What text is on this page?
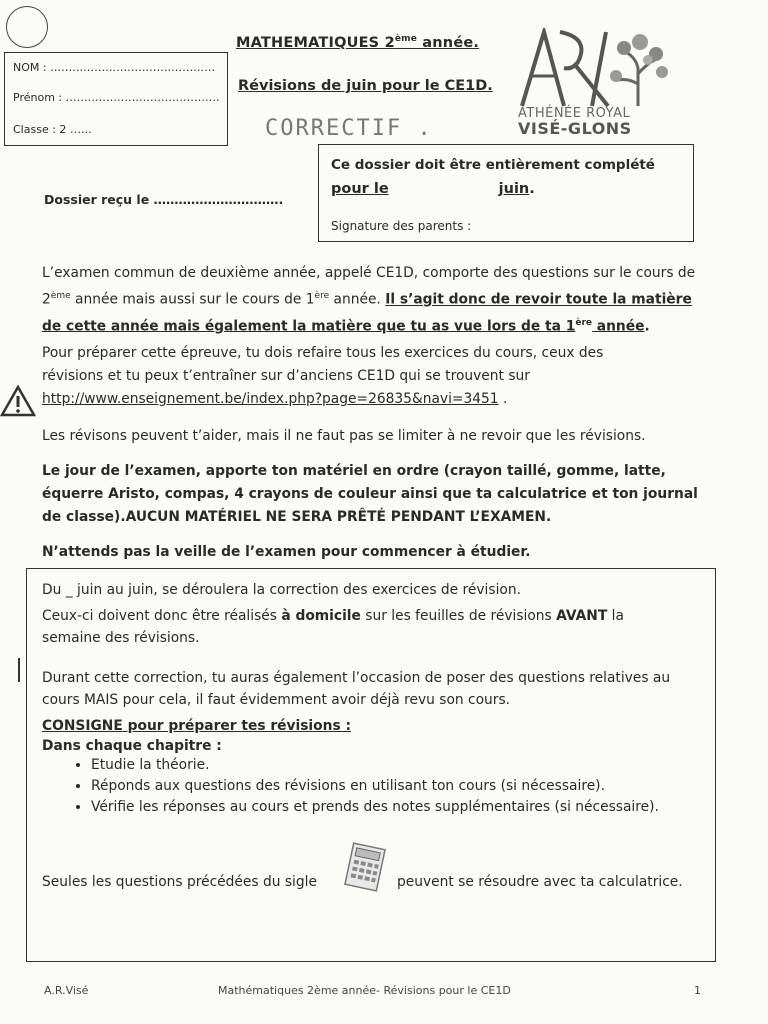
NOM : ………………………………………
Prénom : ……………………………………
Classe : 2 ……
MATHEMATIQUES 2ème année.
Révisions de juin pour le CE1D.
CORRECTIF .
ATHÉNÉE ROYAL
VISÉ-GLONS
Ce dossier doit être entièrement complété
pour le	juin.
Signature des parents :
Dossier reçu le ………………………….
L’examen commun de deuxième année, appelé CE1D, comporte des questions sur le cours de
2ème année mais aussi sur le cours de 1ère année. Il s’agit donc de revoir toute la matière
de cette année mais également la matière que tu as vue lors de ta 1ère année.
Pour préparer cette épreuve, tu dois refaire tous les exercices du cours, ceux des
révisions et tu peux t’entraîner sur d’anciens CE1D qui se trouvent sur
http://www.enseignement.be/index.php?page=26835&navi=3451 .
Les révisons peuvent t’aider, mais il ne faut pas se limiter à ne revoir que les révisions.
Le jour de l’examen, apporte ton matériel en ordre (crayon taillé, gomme, latte,
équerre Aristo, compas, 4 crayons de couleur ainsi que ta calculatrice et ton journal
de classe).AUCUN MATÉRIEL NE SERA PRÊTÉ PENDANT L’EXAMEN.
N’attends pas la veille de l’examen pour commencer à étudier.
Du _ juin au juin, se déroulera la correction des exercices de révision.
Ceux-ci doivent donc être réalisés à domicile sur les feuilles de révisions AVANT la
semaine des révisions.
Durant cette correction, tu auras également l’occasion de poser des questions relatives au
cours MAIS pour cela, il faut évidemment avoir déjà revu son cours.
CONSIGNE pour préparer tes révisions :
Dans chaque chapitre :
• Etudie la théorie.
• Réponds aux questions des révisions en utilisant ton cours (si nécessaire).
• Vérifie les réponses au cours et prends des notes supplémentaires (si nécessaire).
Seules les questions précédées du sigle	peuvent se résoudre avec ta calculatrice.
A.R.Visé	Mathématiques 2ème année- Révisions pour le CE1D	1
